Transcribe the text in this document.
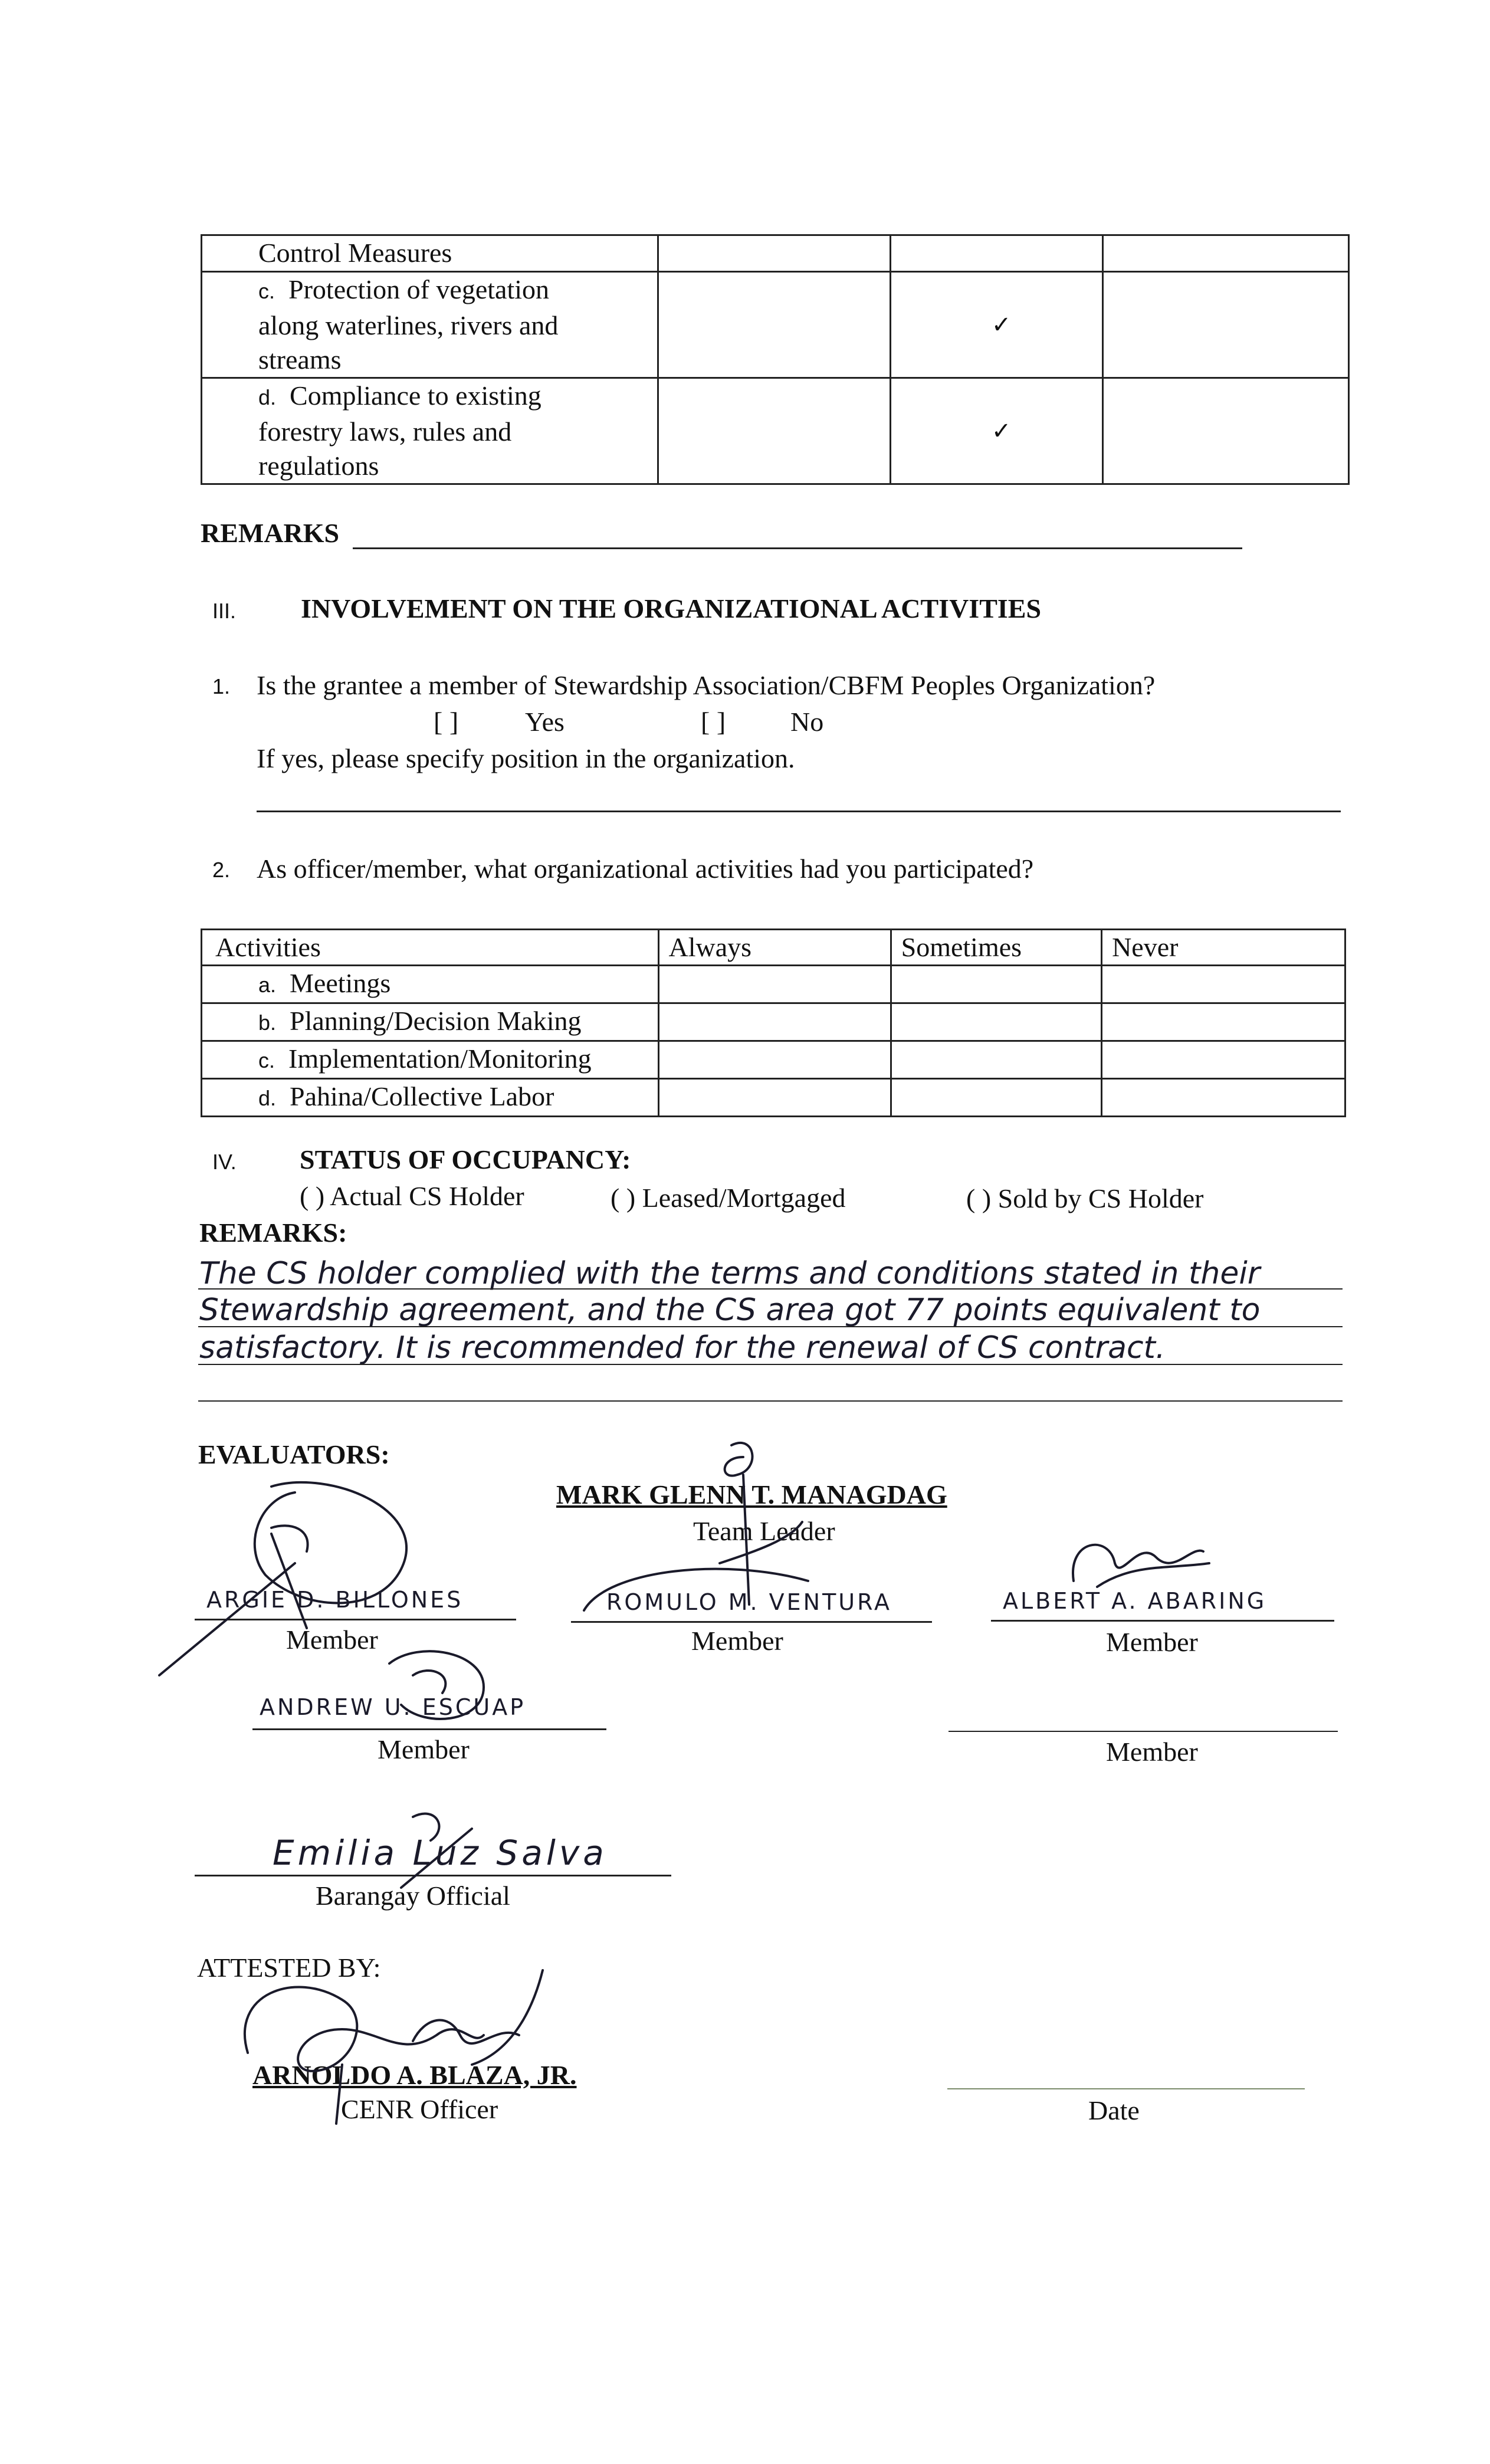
Control Measures			
c. Protection of vegetation
along waterlines, rivers and
streams		✓	
d. Compliance to existing
forestry laws, rules and
regulations		✓	
REMARKS
III. INVOLVEMENT ON THE ORGANIZATIONAL ACTIVITIES
1. Is the grantee a member of Stewardship Association/CBFM Peoples Organization?
[ ] Yes	[ ] No
If yes, please specify position in the organization.
2. As officer/member, what organizational activities had you participated?
Activities	Always	Sometimes	Never
a. Meetings			
b. Planning/Decision Making			
c. Implementation/Monitoring			
d. Pahina/Collective Labor			
IV. STATUS OF OCCUPANCY:
( ) Actual CS Holder	( ) Leased/Mortgaged	( ) Sold by CS Holder
REMARKS:
The CS holder complied with the terms and conditions stated in their
Stewardship agreement, and the CS area got 77 points equivalent to
satisfactory. It is recommended for the renewal of CS contract.
EVALUATORS:
MARK GLENN T. MANAGDAG
Team Leader
ARGIE D. BILLONES
Member
ROMULO M. VENTURA
Member
ALBERT A. ABARING
Member
ANDREW U. ESCUAP
Member	Member
Emilia Luz Salva
Barangay Official
ATTESTED BY:
ARNOLDO A. BLAZA, JR.
CENR Officer	Date
